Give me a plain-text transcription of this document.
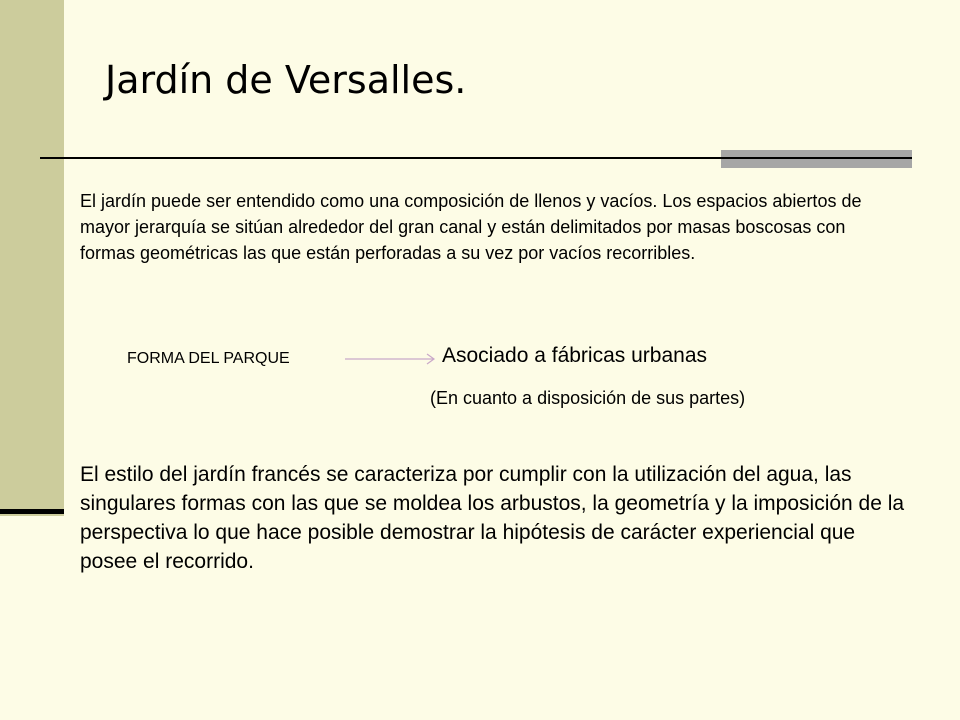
Jardín de Versalles.

El jardín puede ser entendido como una composición de llenos y vacíos. Los espacios abiertos de mayor jerarquía se sitúan alrededor del gran canal y están delimitados por masas boscosas con formas geométricas las que están perforadas a su vez por vacíos recorribles.

FORMA DEL PARQUE	Asociado a fábricas urbanas
(En cuanto a disposición de sus partes)

El estilo del jardín francés se caracteriza por cumplir con la utilización del agua, las singulares formas con las que se moldea los arbustos, la geometría y la imposición de la perspectiva lo que hace posible demostrar la hipótesis de carácter experiencial que posee el recorrido.
